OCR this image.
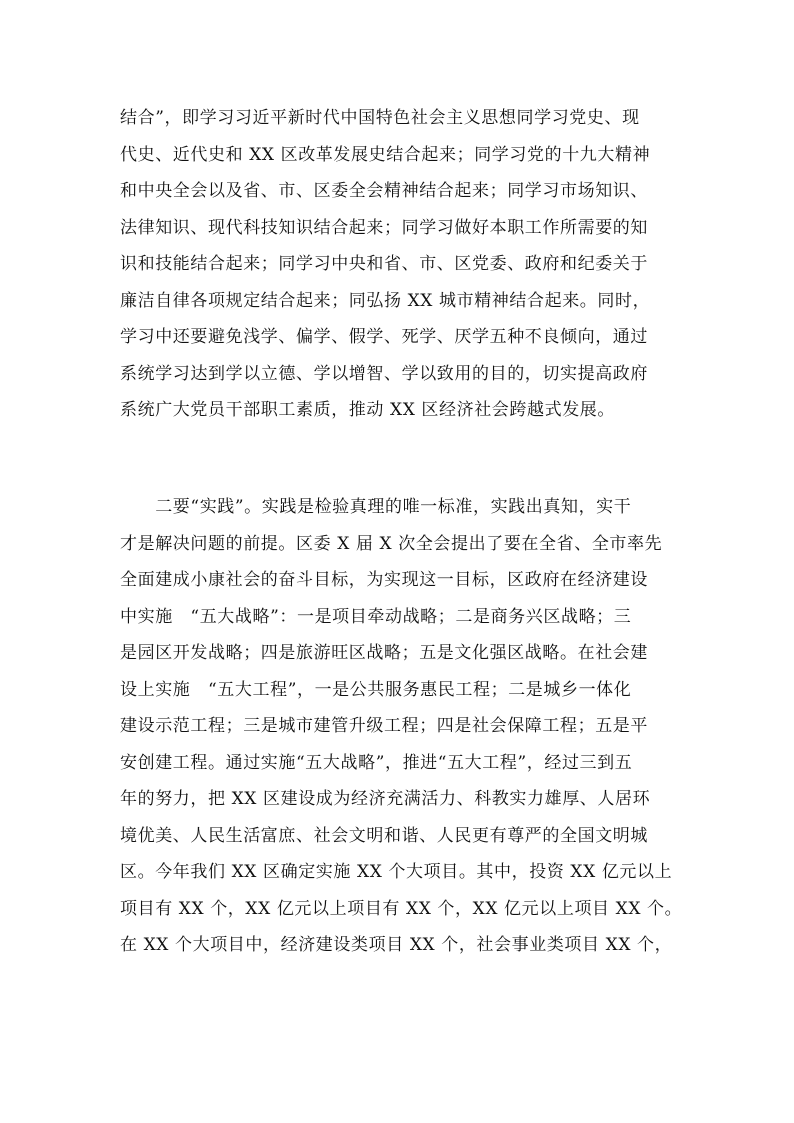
结合”，即学习习近平新时代中国特色社会主义思想同学习党史、现
代史、近代史和 XX 区改革发展史结合起来；同学习党的十九大精神
和中央全会以及省、市、区委全会精神结合起来；同学习市场知识、
法律知识、现代科技知识结合起来；同学习做好本职工作所需要的知
识和技能结合起来；同学习中央和省、市、区党委、政府和纪委关于
廉洁自律各项规定结合起来；同弘扬 XX 城市精神结合起来。同时，
学习中还要避免浅学、偏学、假学、死学、厌学五种不良倾向，通过
系统学习达到学以立德、学以增智、学以致用的目的，切实提高政府
系统广大党员干部职工素质，推动 XX 区经济社会跨越式发展。
　　二要“实践”。实践是检验真理的唯一标准，实践出真知，实干
才是解决问题的前提。区委 X 届 X 次全会提出了要在全省、全市率先
全面建成小康社会的奋斗目标，为实现这一目标，区政府在经济建设
中实施　“五大战略”：一是项目牵动战略；二是商务兴区战略；三
是园区开发战略；四是旅游旺区战略；五是文化强区战略。在社会建
设上实施　“五大工程”，一是公共服务惠民工程；二是城乡一体化
建设示范工程；三是城市建管升级工程；四是社会保障工程；五是平
安创建工程。通过实施“五大战略”，推进“五大工程”，经过三到五
年的努力，把 XX 区建设成为经济充满活力、科教实力雄厚、人居环
境优美、人民生活富庶、社会文明和谐、人民更有尊严的全国文明城
区。今年我们 XX 区确定实施 XX 个大项目。其中，投资 XX 亿元以上
项目有 XX 个，XX 亿元以上项目有 XX 个，XX 亿元以上项目 XX 个。
在 XX 个大项目中，经济建设类项目 XX 个，社会事业类项目 XX 个，
